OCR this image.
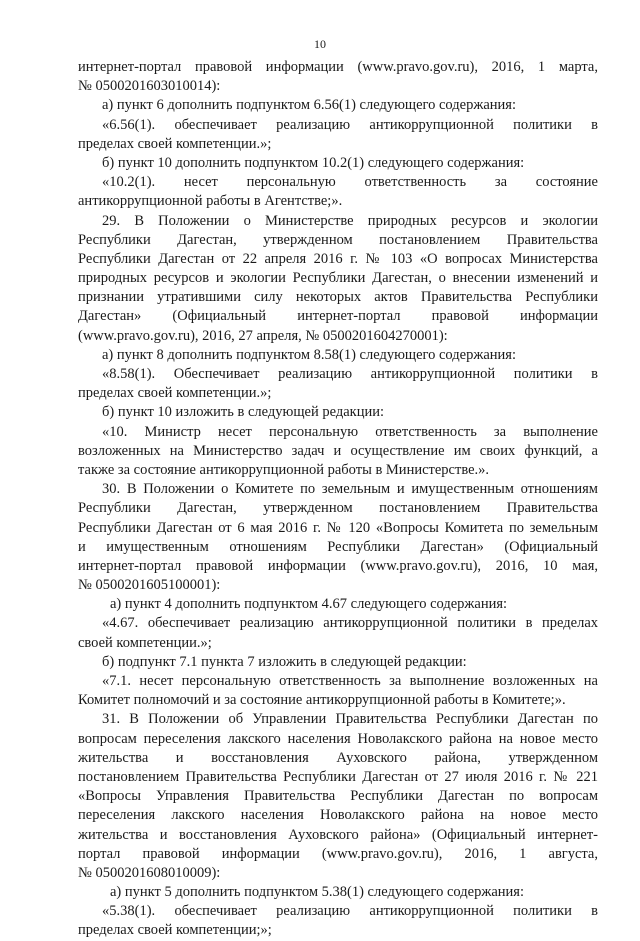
10
интернет-портал правовой информации (www.pravo.gov.ru), 2016, 1 марта,
№ 0500201603010014):
а) пункт 6 дополнить подпунктом 6.56(1) следующего содержания:
«6.56(1). обеспечивает реализацию антикоррупционной политики в
пределах своей компетенции.»;
б) пункт 10 дополнить подпунктом 10.2(1) следующего содержания:
«10.2(1). несет персональную ответственность за состояние
антикоррупционной работы в Агентстве;».
29. В Положении о Министерстве природных ресурсов и экологии
Республики Дагестан, утвержденном постановлением Правительства
Республики Дагестан от 22 апреля 2016 г. № 103 «О вопросах Министерства
природных ресурсов и экологии Республики Дагестан, о внесении изменений и
признании утратившими силу некоторых актов Правительства Республики
Дагестан» (Официальный интернет-портал правовой информации
(www.pravo.gov.ru), 2016, 27 апреля, № 0500201604270001):
а) пункт 8 дополнить подпунктом 8.58(1) следующего содержания:
«8.58(1). Обеспечивает реализацию антикоррупционной политики в
пределах своей компетенции.»;
б) пункт 10 изложить в следующей редакции:
«10. Министр несет персональную ответственность за выполнение
возложенных на Министерство задач и осуществление им своих функций, а
также за состояние антикоррупционной работы в Министерстве.».
30. В Положении о Комитете по земельным и имущественным отношениям
Республики Дагестан, утвержденном постановлением Правительства
Республики Дагестан от 6 мая 2016 г. № 120 «Вопросы Комитета по земельным
и имущественным отношениям Республики Дагестан» (Официальный
интернет-портал правовой информации (www.pravo.gov.ru), 2016, 10 мая,
№ 0500201605100001):
а) пункт 4 дополнить подпунктом 4.67 следующего содержания:
«4.67. обеспечивает реализацию антикоррупционной политики в пределах
своей компетенции.»;
б) подпункт 7.1 пункта 7 изложить в следующей редакции:
«7.1. несет персональную ответственность за выполнение возложенных на
Комитет полномочий и за состояние антикоррупционной работы в Комитете;».
31. В Положении об Управлении Правительства Республики Дагестан по
вопросам переселения лакского населения Новолакского района на новое место
жительства и восстановления Ауховского района, утвержденном
постановлением Правительства Республики Дагестан от 27 июля 2016 г. № 221
«Вопросы Управления Правительства Республики Дагестан по вопросам
переселения лакского населения Новолакского района на новое место
жительства и восстановления Ауховского района» (Официальный интернет-
портал правовой информации (www.pravo.gov.ru), 2016, 1 августа,
№ 0500201608010009):
а) пункт 5 дополнить подпунктом 5.38(1) следующего содержания:
«5.38(1). обеспечивает реализацию антикоррупционной политики в
пределах своей компетенции;»;
